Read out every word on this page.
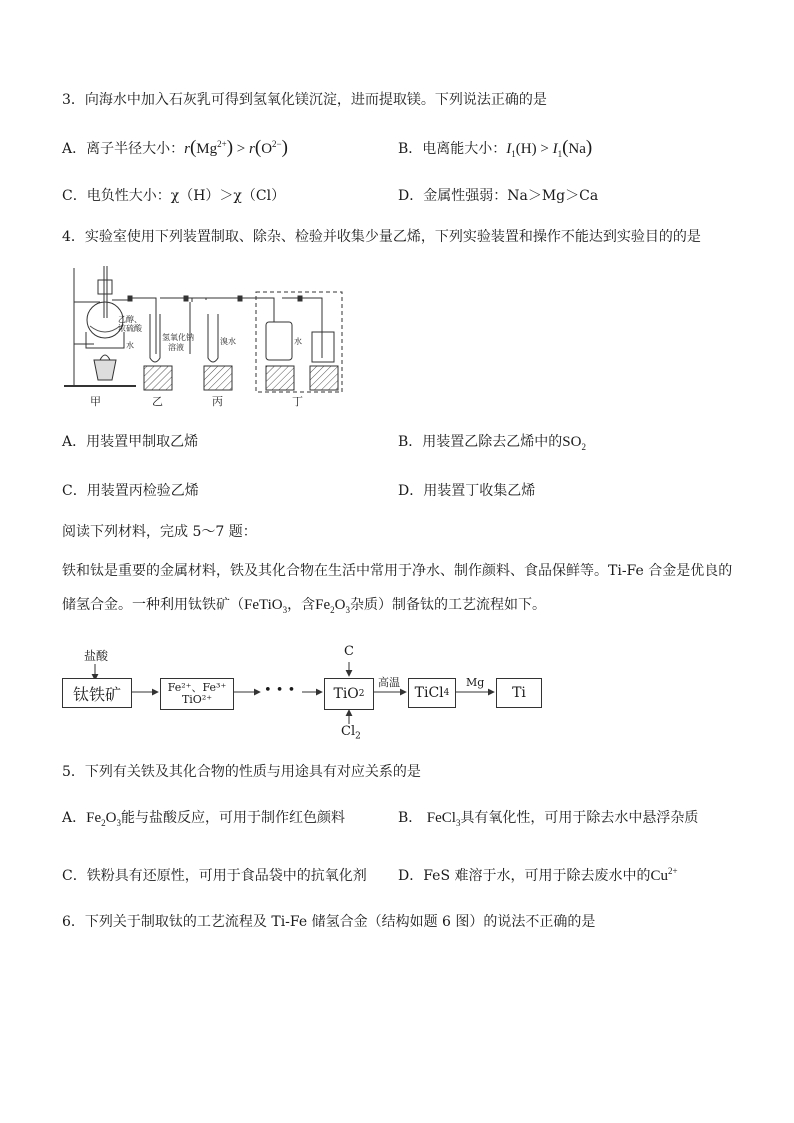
3．向海水中加入石灰乳可得到氢氧化镁沉淀，进而提取镁。下列说法正确的是
A．离子半径大小：$r(Mg^{2+}) > r(O^{2-})$	B．电离能大小：$I_1(H) > I_1(Na)$
C．电负性大小：χ（H）＞χ（Cl）	D．金属性强弱：Na＞Mg＞Ca
4．实验室使用下列装置制取、除杂、检验并收集少量乙烯，下列实验装置和操作不能达到实验目的的是
乙醇、
浓硫酸
水
氢氧化钠
溶液
溴水	水
甲	乙	丙	丁
A．用装置甲制取乙烯	B．用装置乙除去乙烯中的$SO_2$
C．用装置丙检验乙烯	D．用装置丁收集乙烯
阅读下列材料，完成 5～7 题：
铁和钛是重要的金属材料，铁及其化合物在生活中常用于净水、制作颜料、食品保鲜等。Ti-Fe 合金是优良的
储氢合金。一种利用钛铁矿（FeTiO$_3$，含$Fe_2O_3$杂质）制备钛的工艺流程如下。
盐酸
钛铁矿	Fe²⁺、Fe³⁺
TiO²⁺
• • •
C
TiO 2
$Cl_2$
高温
TiCl 4
Mg
Ti
5．下列有关铁及其化合物的性质与用途具有对应关系的是
A．$Fe_2O_3$能与盐酸反应，可用于制作红色颜料	B． FeCl$_3$具有氧化性，可用于除去水中悬浮杂质
C．铁粉具有还原性，可用于食品袋中的抗氧化剂 D．FeS 难溶于水，可用于除去废水中的$Cu^{2+}$
6．下列关于制取钛的工艺流程及 Ti-Fe 储氢合金（结构如题 6 图）的说法不正确的是
